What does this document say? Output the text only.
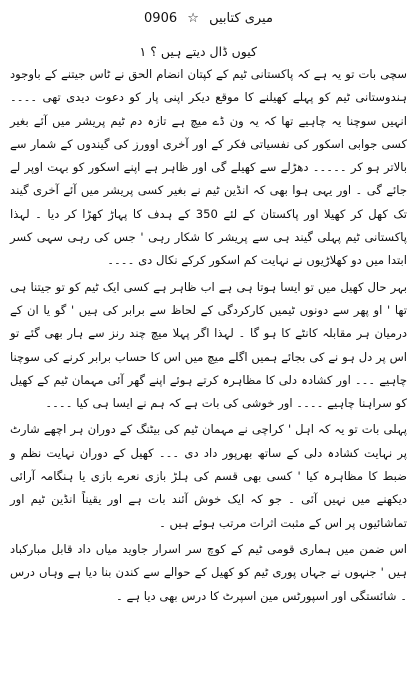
میری کتابیں ☆ 0906
کیوں ڈال دیتے ہیں ؟ ۱

سچی بات تو یہ ہے کہ پاکستانی ٹیم کے کپتان انضام الحق نے ٹاس جیتنے کے باوجود ہندوستانی ٹیم کو پہلے کھیلنے کا موقع دیکر اپنی پار کو دعوت دیدی تھی ۔۔۔۔ انہیں سوچنا یہ چاہیے تھا کہ یہ ون ڈے میچ ہے تازہ دم ٹیم پریشر میں آئے بغیر کسی جوابی اسکور کی نفسیاتی فکر کے اور آخری اوورز کی گیندوں کے شمار سے بالاتر ہو کر ۔۔۔۔۔ دھڑلے سے کھیلے گی اور ظاہر ہے اپنے اسکور کو بہت اوپر لے جائے گی ۔ اور یہی ہوا بھی کہ انڈین ٹیم نے بغیر کسی پریشر میں آئے آخری گیند تک کھل کر کھیلا اور پاکستان کے لئے 350 کے ہدف کا پہاڑ کھڑا کر دیا ۔ لہذا پاکستانی ٹیم پہلی گیند ہی سے پریشر کا شکار رہی ' جس کی رہی سہی کسر ابتدا میں دو کھلاڑیوں نے نہایت کم اسکور کرکے نکال دی ۔۔۔۔

بہر حال کھیل میں تو ایسا ہوتا ہی ہے اب ظاہر ہے کسی ایک ٹیم کو تو جیتنا ہی تھا ' او پھر سے دونوں ٹیمیں کارکردگی کے لحاظ سے برابر کی ہیں ' گو یا ان کے درمیان ہر مقابلہ کانٹے کا ہو گا ۔ لہذا اگر پہلا میچ چند رنز سے ہار بھی گئے تو اس پر دل ہو نے کی بجائے ہمیں اگلے میچ میں اس کا حساب برابر کرنے کی سوچنا چاہیے ۔۔۔ اور کشادہ دلی کا مظاہرہ کرتے ہوئے اپنے گھر آئی مہمان ٹیم کے کھیل کو سراہنا چاہیے ۔۔۔۔ اور خوشی کی بات ہے کہ ہم نے ایسا ہی کیا ۔۔۔۔

پہلی بات تو یہ کہ اہل ' کراچی نے مہمان ٹیم کی بیٹنگ کے دوران ہر اچھے شارٹ پر نہایت کشادہ دلی کے ساتھ بھرپور داد دی ۔۔۔ کھیل کے دوران نہایت نظم و ضبط کا مظاہرہ کیا ' کسی بھی قسم کی ہلڑ بازی نعرے بازی یا ہنگامہ آرائی دیکھنے میں نہیں آئی ۔ جو کہ ایک خوش آئند بات ہے اور یقیناً انڈین ٹیم اور تماشائیوں پر اس کے مثبت اثرات مرتب ہوئے ہیں ۔

اس ضمن میں ہماری قومی ٹیم کے کوچ سر اسرار جاوید میاں داد قابل مبارکباد ہیں ' جنہوں نے جہاں پوری ٹیم کو کھیل کے حوالے سے کندن بنا دیا ہے وہاں درس ۔ شائستگی اور اسپورٹس مین اسپرٹ کا درس بھی دیا ہے ۔
